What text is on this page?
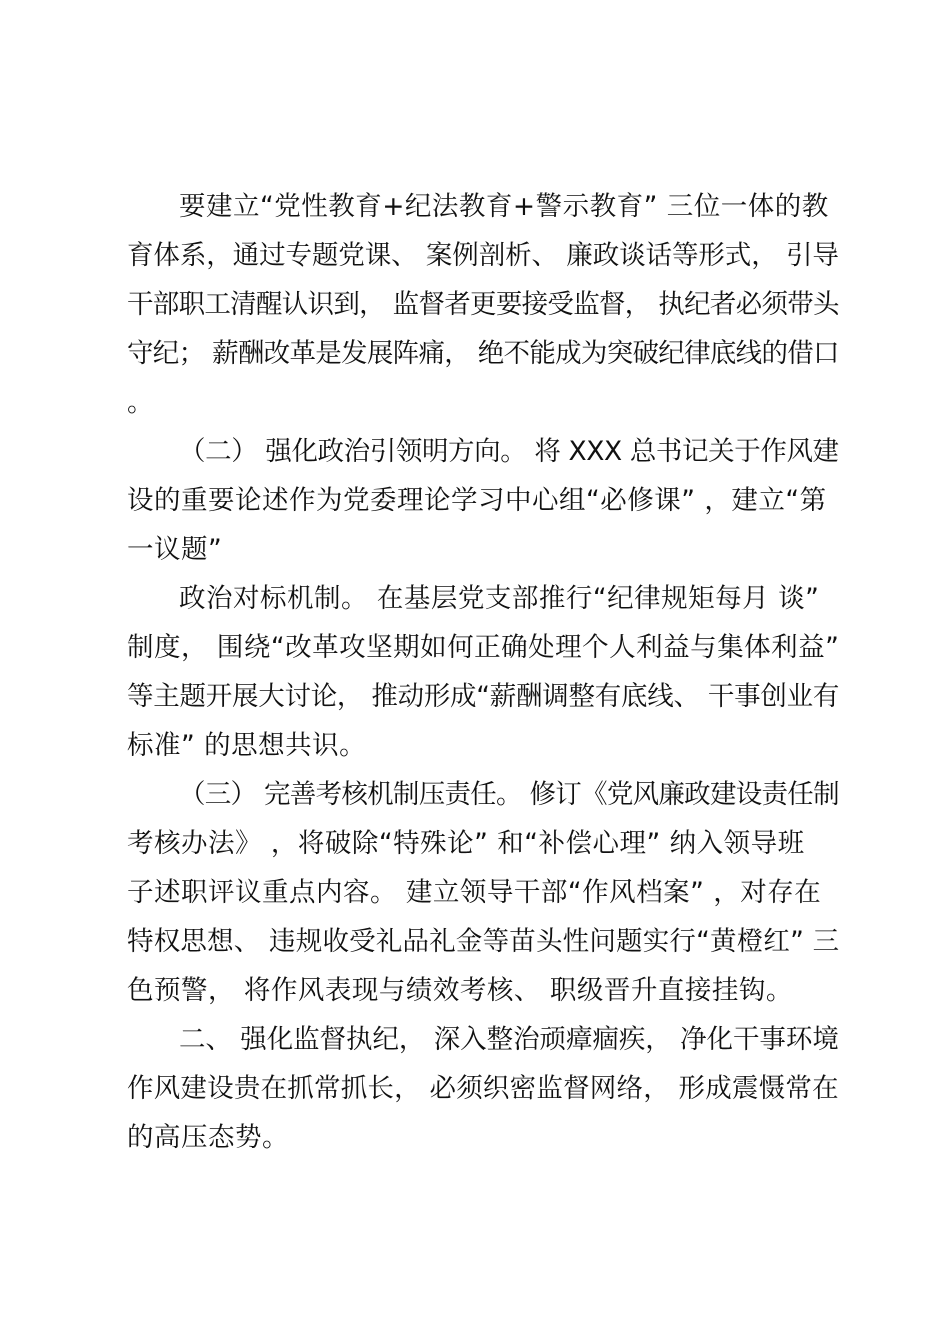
要建立“党性教育+纪法教育+警示教育” 三位一体的教
育体系，通过专题党课、 案例剖析、 廉政谈话等形式， 引导
干部职工清醒认识到， 监督者更要接受监督， 执纪者必须带头
守纪； 薪酬改革是发展阵痛， 绝不能成为突破纪律底线的借口
。

（二） 强化政治引领明方向。 将 XXX 总书记关于作风建
设的重要论述作为党委理论学习中心组“必修课” ，建立“第
一议题”

政治对标机制。 在基层党支部推行“纪律规矩每月 谈”
制度， 围绕“改革攻坚期如何正确处理个人利益与集体利益”
等主题开展大讨论， 推动形成“薪酬调整有底线、 干事创业有
标准” 的思想共识。

（三） 完善考核机制压责任。 修订《党风廉政建设责任制
考核办法》 ，将破除“特殊论” 和“补偿心理” 纳入领导班
子述职评议重点内容。 建立领导干部“作风档案” ，对存在
特权思想、 违规收受礼品礼金等苗头性问题实行“黄橙红” 三
色预警， 将作风表现与绩效考核、 职级晋升直接挂钩。

二、 强化监督执纪， 深入整治顽瘴痼疾， 净化干事环境
作风建设贵在抓常抓长， 必须织密监督网络， 形成震慑常在
的高压态势。
